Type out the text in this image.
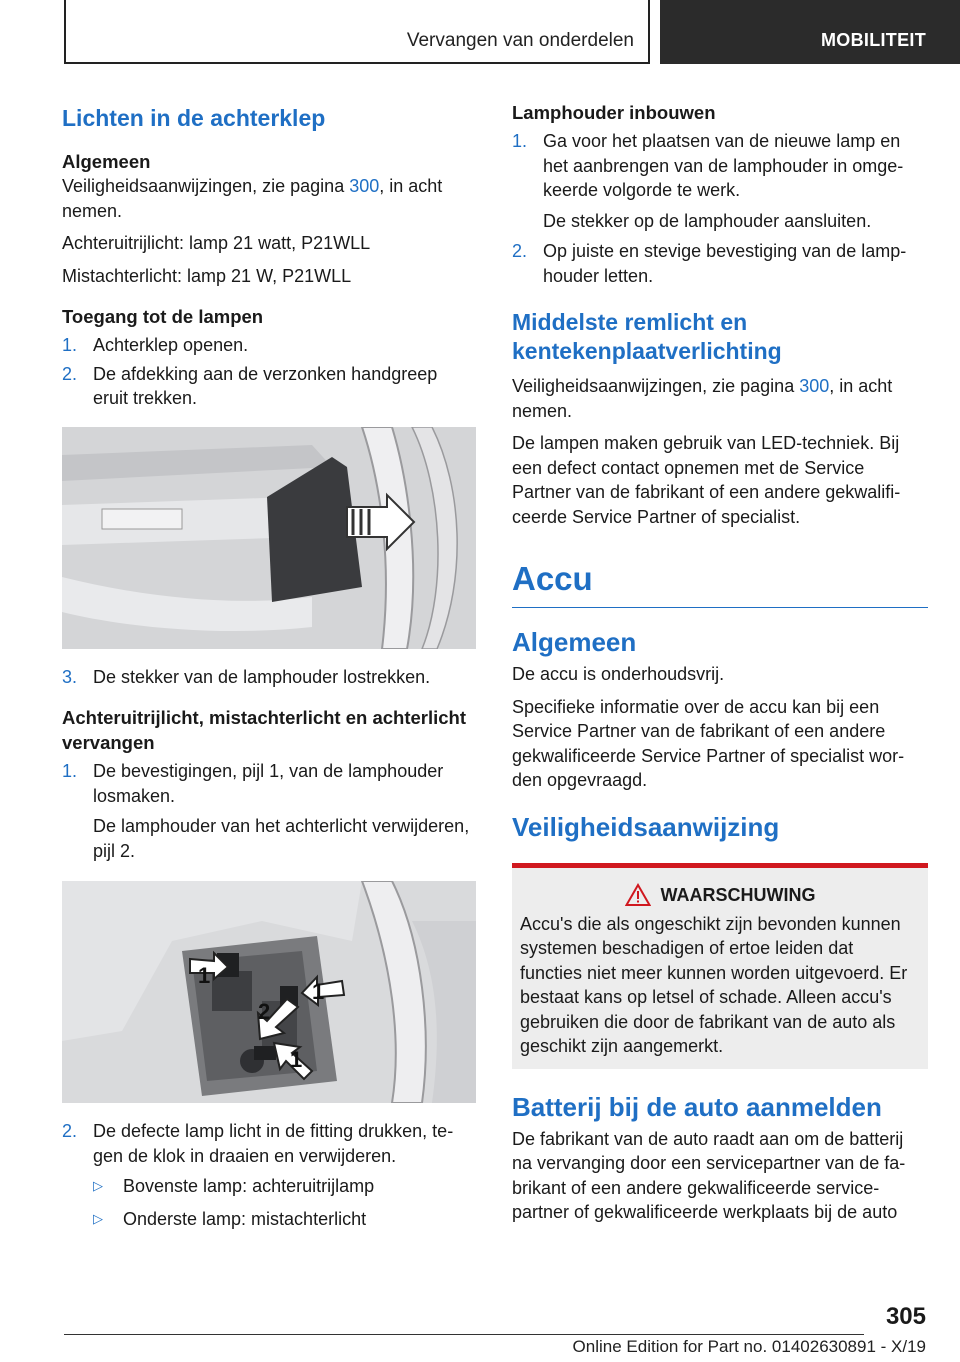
Vervangen van onderdelen	MOBILITEIT
Lichten in de achterklep
Algemeen

Veiligheidsaanwijzingen, zie pagina 300, in acht nemen.

Achteruitrijlicht: lamp 21 watt, P21WLL

Mistachterlicht: lamp 21 W, P21WLL

Toegang tot de lampen
1. Achterklep openen.
2. De afdekking aan de verzonken handgreep eruit trekken.
3. De stekker van de lamphouder lostrekken.
Achteruitrijlicht, mistachterlicht en achterlicht vervangen
1. De bevestigingen, pijl 1, van de lamphouder losmaken.

De lamphouder van het achterlicht verwijderen, pijl 2.

1
1
2
1
2. De defecte lamp licht in de fitting drukken, tegen de klok in draaien en verwijderen.
▷	Bovenste lamp: achteruitrijlamp
▷	Onderste lamp: mistachterlicht
Lamphouder inbouwen
1. Ga voor het plaatsen van de nieuwe lamp en het aanbrengen van de lamphouder in omgekeerde volgorde te werk.

De stekker op de lamphouder aansluiten.

2. Op juiste en stevige bevestiging van de lamphouder letten.
Middelste remlicht en kentekenplaatverlichting

Veiligheidsaanwijzingen, zie pagina 300, in acht nemen.

De lampen maken gebruik van LED-techniek. Bij een defect contact opnemen met de Service Partner van de fabrikant of een andere gekwalificeerde Service Partner of specialist.

Accu
Algemeen

De accu is onderhoudsvrij.

Specifieke informatie over de accu kan bij een Service Partner van de fabrikant of een andere gekwalificeerde Service Partner of specialist worden opgevraagd.

Veiligheidsaanwijzing
WAARSCHUWING

Accu's die als ongeschikt zijn bevonden kunnen systemen beschadigen of ertoe leiden dat functies niet meer kunnen worden uitgevoerd. Er bestaat kans op letsel of schade. Alleen accu's gebruiken die door de fabrikant van de auto als geschikt zijn aangemerkt.

Batterij bij de auto aanmelden

De fabrikant van de auto raadt aan om de batterij na vervanging door een servicepartner van de fabrikant of een andere gekwalificeerde servicepartner of gekwalificeerde werkplaats bij de auto

305
Online Edition for Part no. 01402630891 - X/19
